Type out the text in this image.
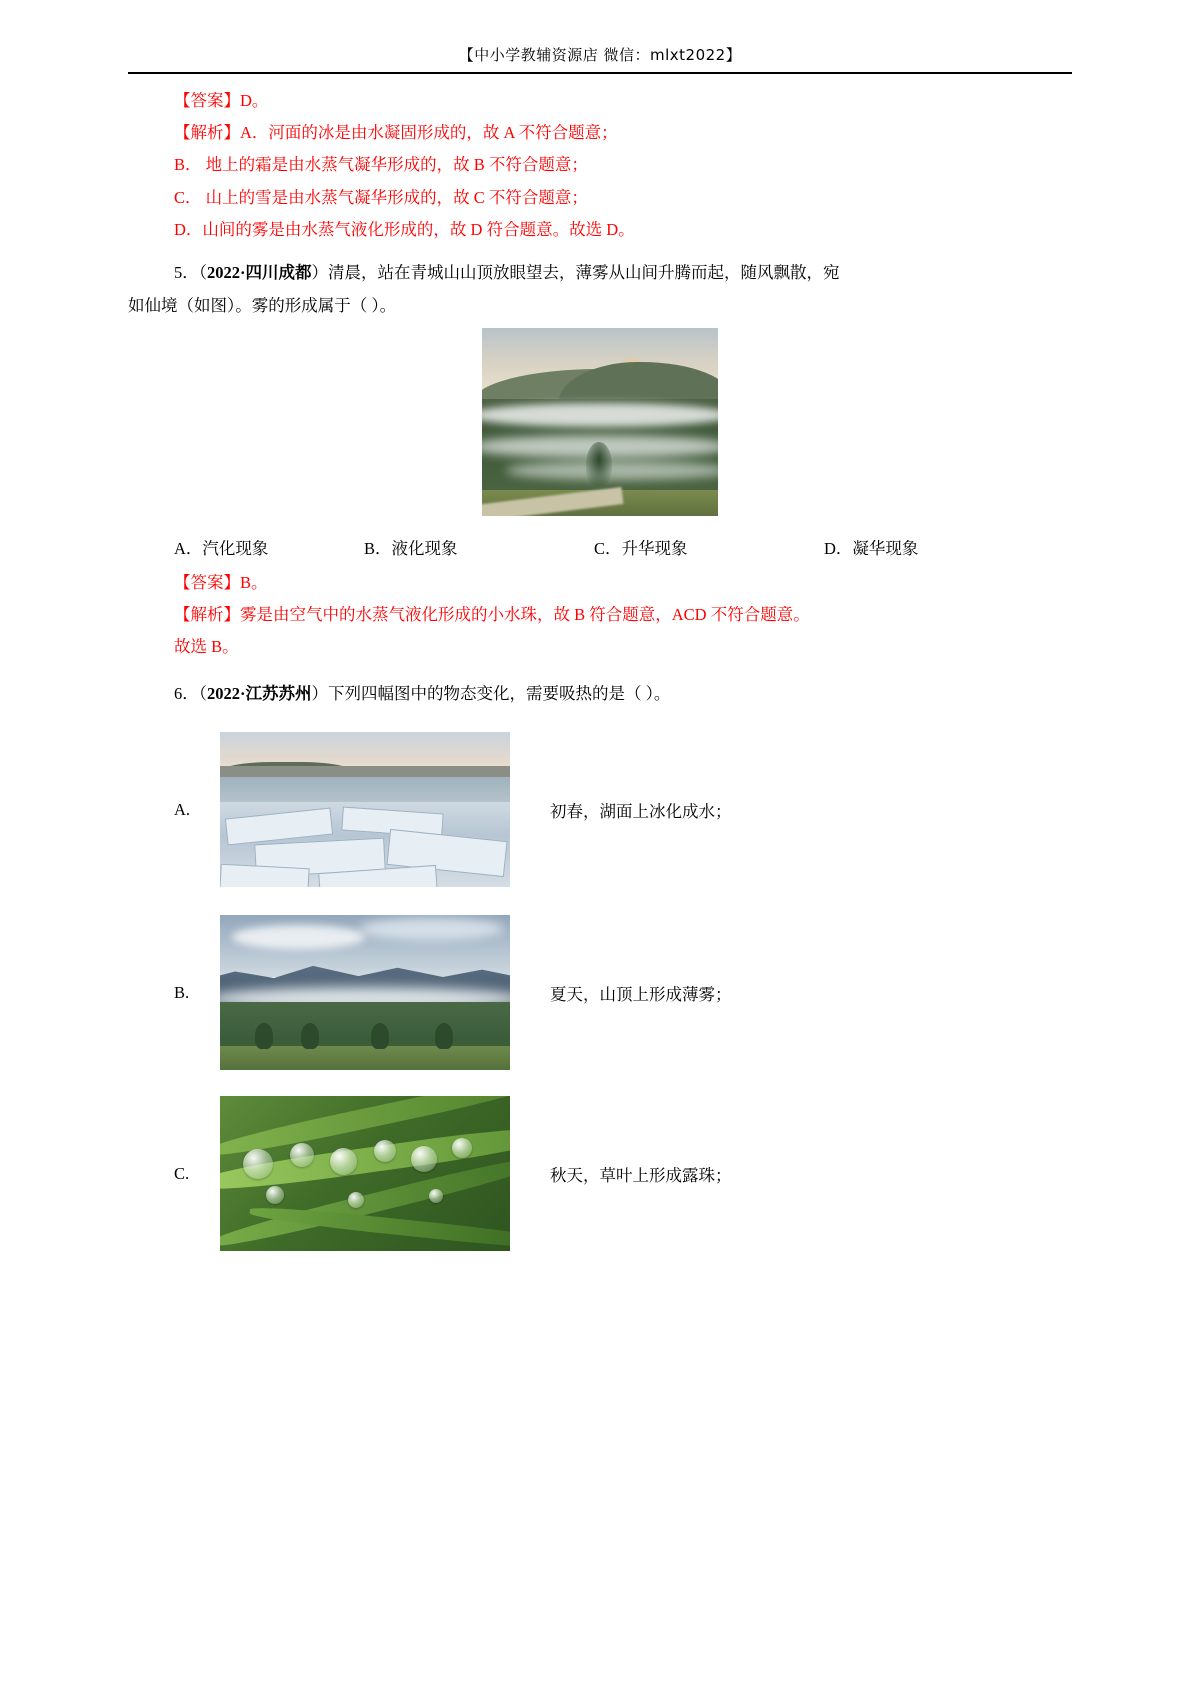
【中小学教辅资源店 微信：mlxt2022】
【答案】D。
【解析】A．河面的冰是由水凝固形成的，故 A 不符合题意；
B． 地上的霜是由水蒸气凝华形成的，故 B 不符合题意；
C． 山上的雪是由水蒸气凝华形成的，故 C 不符合题意；
D．山间的雾是由水蒸气液化形成的，故 D 符合题意。故选 D。
5．（2022·四川成都）清晨，站在青城山山顶放眼望去，薄雾从山间升腾而起，随风飘散，宛
如仙境（如图）。雾的形成属于（ ）。
A．汽化现象	B．液化现象	C．升华现象	D．凝华现象
【答案】B。
【解析】雾是由空气中的水蒸气液化形成的小水珠，故 B 符合题意，ACD 不符合题意。
故选 B。
6．（2022·江苏苏州）下列四幅图中的物态变化，需要吸热的是（ ）。
A.	初春，湖面上冰化成水；
B.	夏天，山顶上形成薄雾；
C.	秋天，草叶上形成露珠；
